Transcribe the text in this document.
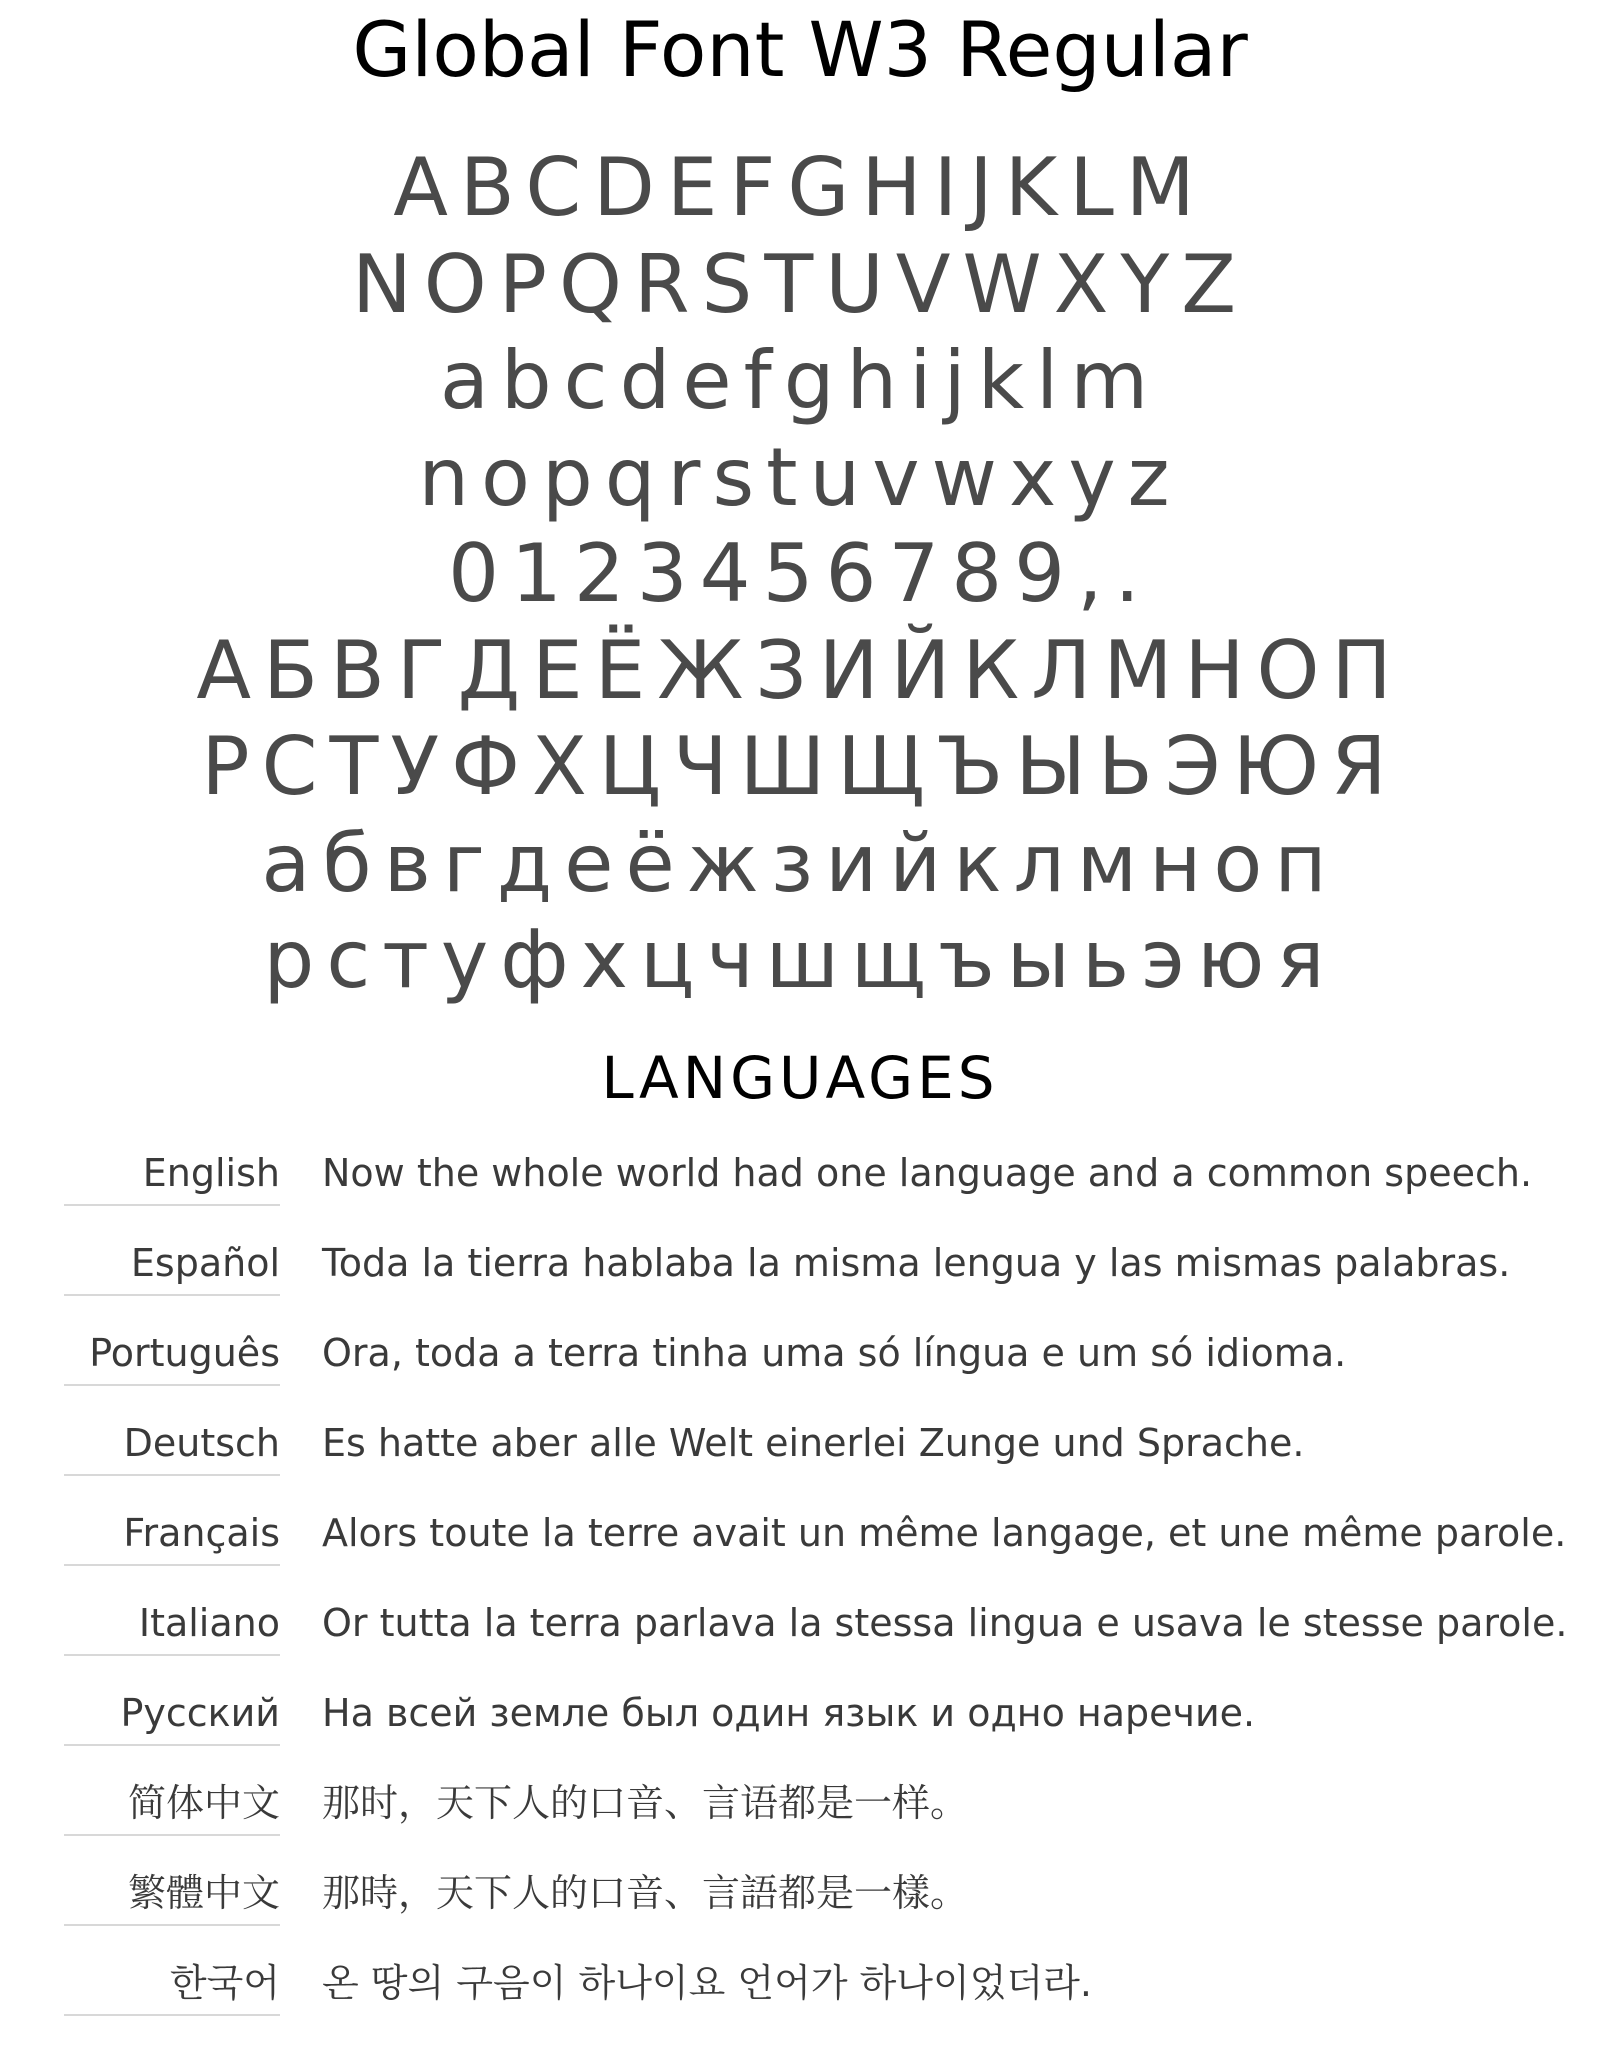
Global Font W3 Regular
ABCDEFGHIJKLM
NOPQRSTUVWXYZ
abcdefghijklm
nopqrstuvwxyz
0123456789,.
АБВГДЕЁЖЗИЙКЛМНОП
РСТУФХЦЧШЩЪЫЬЭЮЯ
абвгдеёжзийклмноп
рстуфхцчшщъыьэюя
LANGUAGES
English Now the whole world had one language and a common speech.
Español Toda la tierra hablaba la misma lengua y las mismas palabras.
Português Ora, toda a terra tinha uma só língua e um só idioma.
Deutsch Es hatte aber alle Welt einerlei Zunge und Sprache.
Français Alors toute la terre avait un même langage, et une même parole.
Italiano Or tutta la terra parlava la stessa lingua e usava le stesse parole.
Русский На всей земле был один язык и одно наречие.
简体中文 那时，天下人的口音、言语都是一样。
繁體中文 那時，天下人的口音、言語都是一樣。
한국어 온 땅의 구음이 하나이요 언어가 하나이었더라.
